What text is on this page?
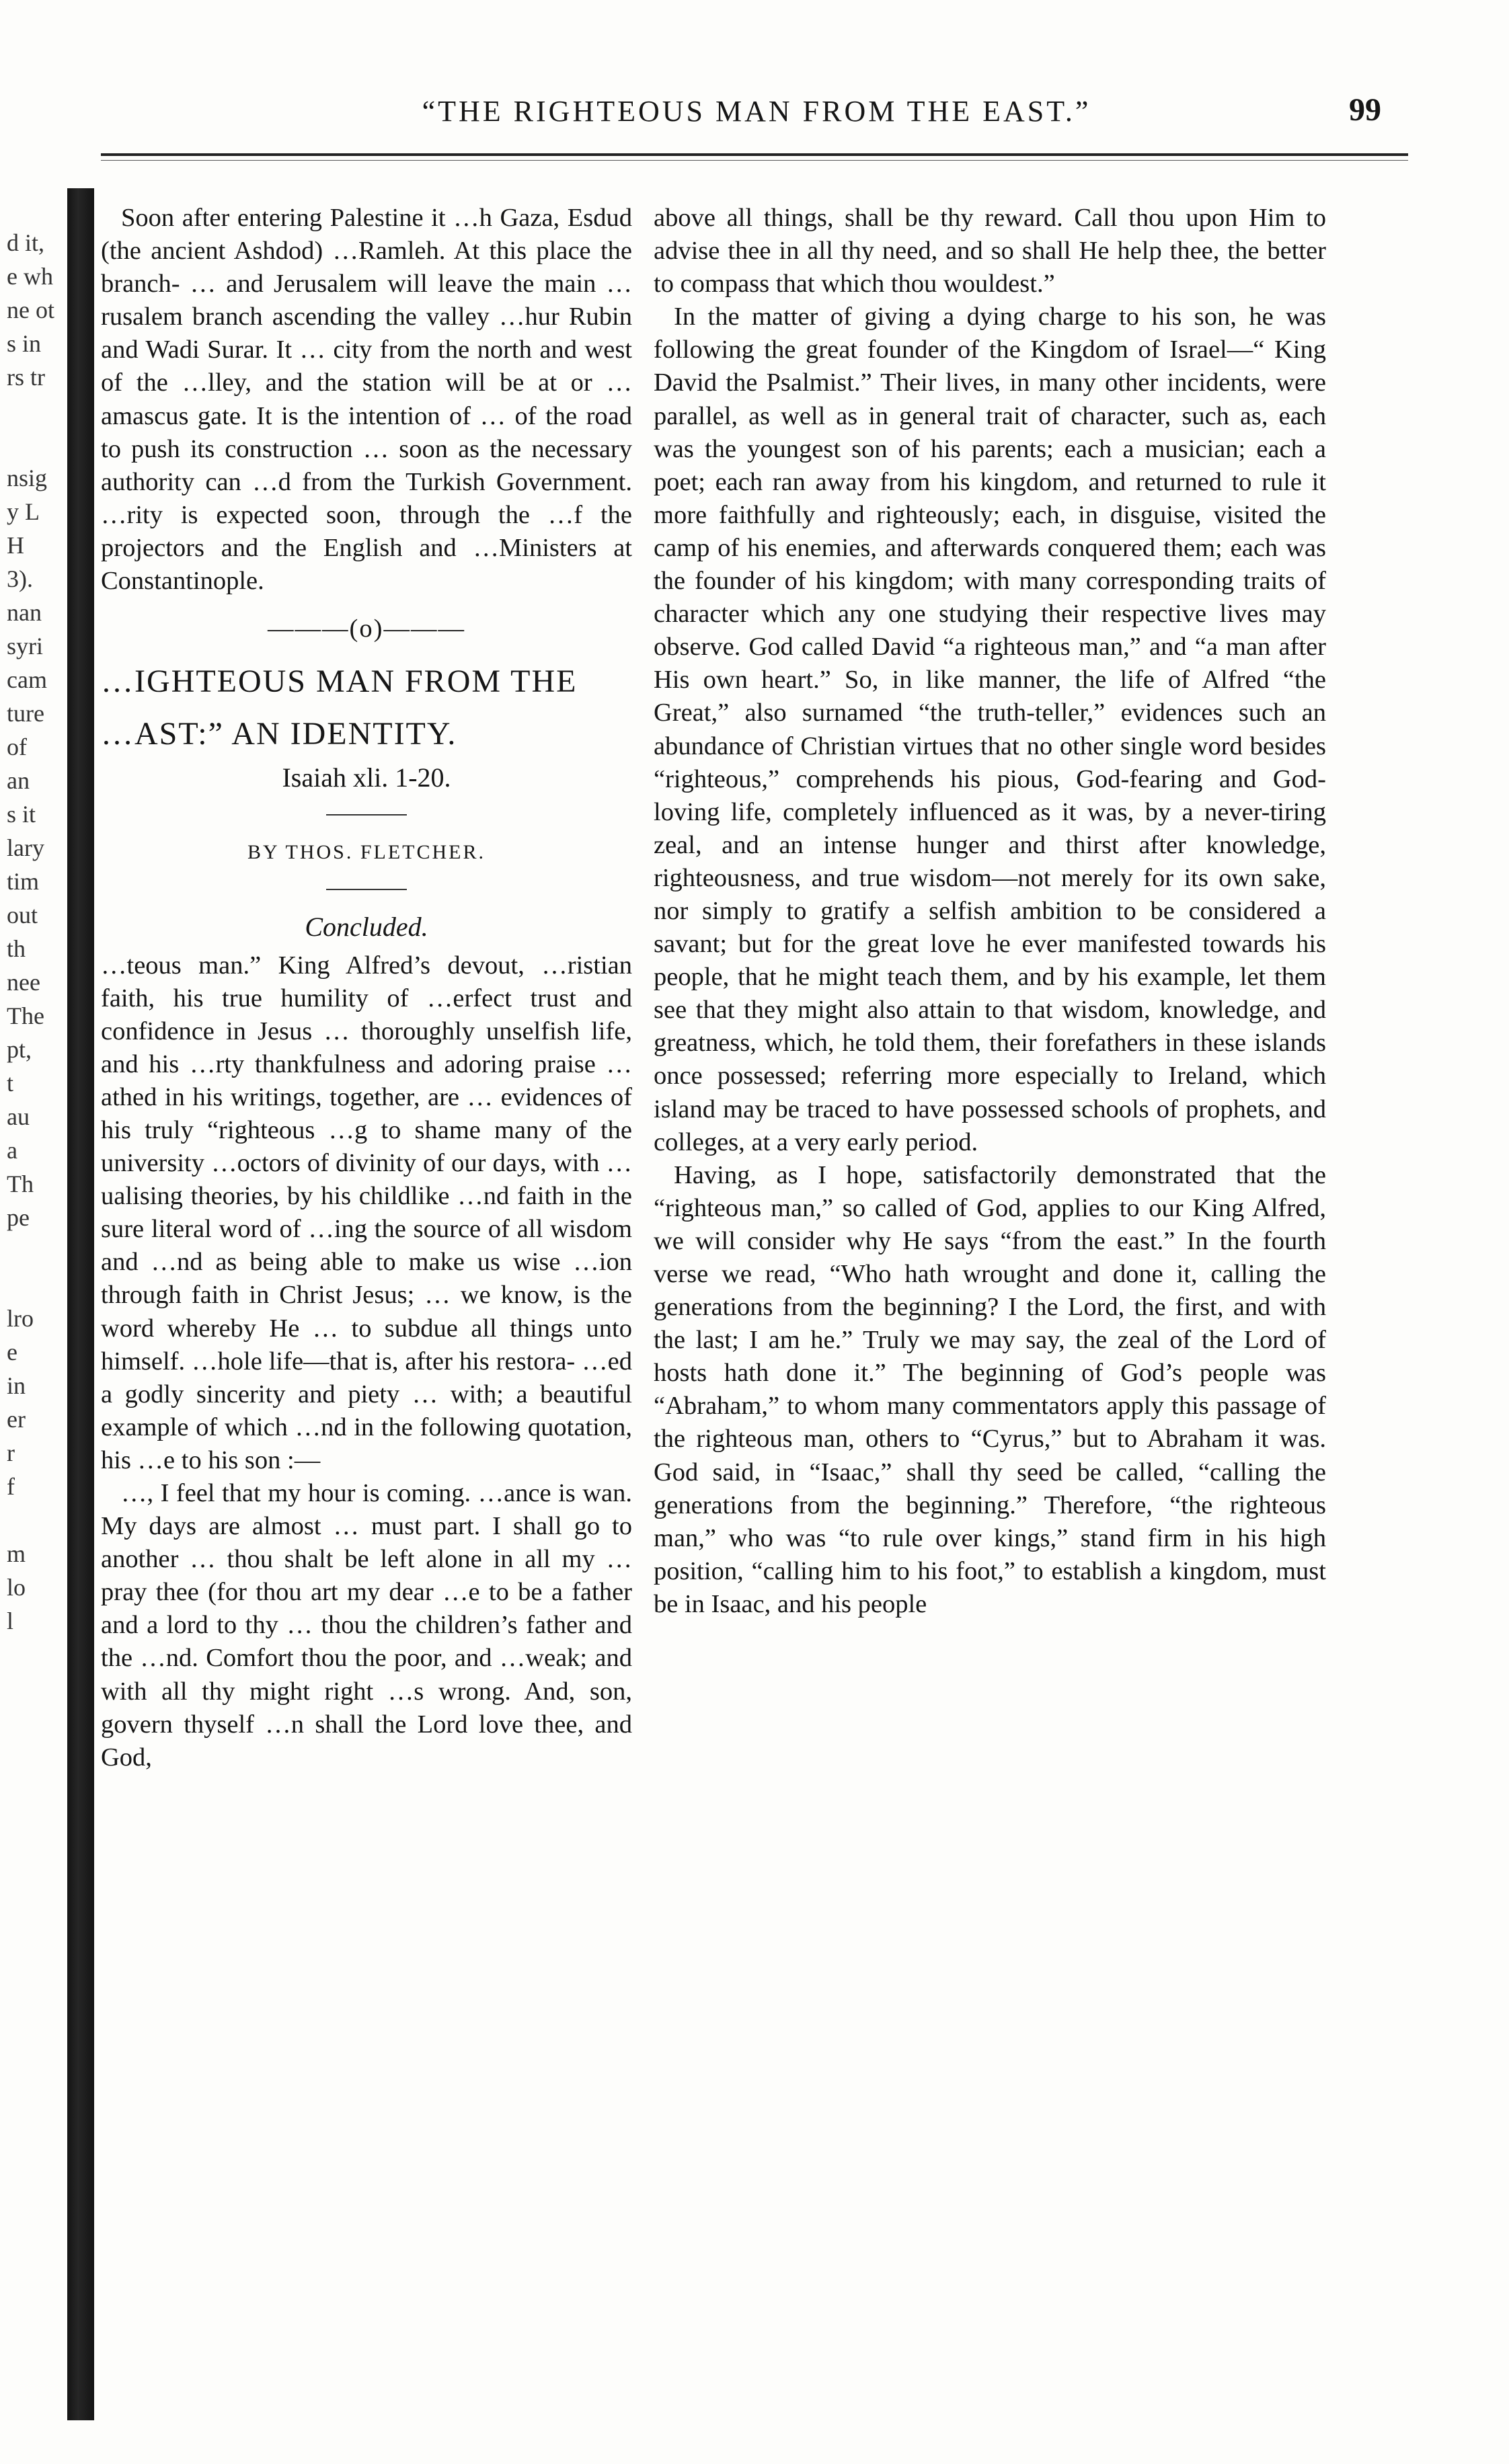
“THE RIGHTEOUS MAN FROM THE EAST.”	99
d it,
e wh
ne ot
s in
rs tr
nsig
y L
H
3).
nan
syri
cam
ture
of
an
s it
lary
tim
out
th
nee
The
pt,
t
au
a
Th
pe
lro
e
in
er
r
f
m
lo
l

Soon after entering Palestine it …h Gaza, Esdud (the ancient Ashdod) …Ramleh. At this place the branch- … and Jerusalem will leave the main …rusalem branch ascending the valley …hur Rubin and Wadi Surar. It … city from the north and west of the …lley, and the station will be at or …amascus gate. It is the intention of … of the road to push its construction … soon as the necessary authority can …d from the Turkish Government. …rity is expected soon, through the …f the projectors and the English and …Ministers at Constantinople.

———(o)———
…IGHTEOUS MAN FROM THE
…AST:” AN IDENTITY.
Isaiah xli. 1-20.
BY THOS. FLETCHER.
Concluded.

…teous man.” King Alfred’s devout, …ristian faith, his true humility of …erfect trust and confidence in Jesus … thoroughly unselfish life, and his …rty thankfulness and adoring praise …athed in his writings, together, are … evidences of his truly “righteous …g to shame many of the university …octors of divinity of our days, with …ualising theories, by his childlike …nd faith in the sure literal word of …ing the source of all wisdom and …nd as being able to make us wise …ion through faith in Christ Jesus; … we know, is the word whereby He … to subdue all things unto himself. …hole life—that is, after his restora- …ed a godly sincerity and piety … with; a beautiful example of which …nd in the following quotation, his …e to his son :—

…, I feel that my hour is coming. …ance is wan. My days are almost … must part. I shall go to another … thou shalt be left alone in all my … pray thee (for thou art my dear …e to be a father and a lord to thy … thou the children’s father and the …nd. Comfort thou the poor, and …weak; and with all thy might right …s wrong. And, son, govern thyself …n shall the Lord love thee, and God,

above all things, shall be thy reward. Call thou upon Him to advise thee in all thy need, and so shall He help thee, the better to compass that which thou wouldest.”

In the matter of giving a dying charge to his son, he was following the great founder of the Kingdom of Israel—“ King David the Psalmist.” Their lives, in many other incidents, were parallel, as well as in general trait of character, such as, each was the youngest son of his parents; each a musician; each a poet; each ran away from his kingdom, and returned to rule it more faithfully and righteously; each, in disguise, visited the camp of his enemies, and afterwards conquered them; each was the founder of his kingdom; with many corresponding traits of character which any one studying their respective lives may observe. God called David “a righteous man,” and “a man after His own heart.” So, in like manner, the life of Alfred “the Great,” also surnamed “the truth-teller,” evidences such an abundance of Christian virtues that no other single word besides “righteous,” comprehends his pious, God-fearing and God-loving life, completely influenced as it was, by a never-tiring zeal, and an intense hunger and thirst after knowledge, righteousness, and true wisdom—not merely for its own sake, nor simply to gratify a selfish ambition to be considered a savant; but for the great love he ever manifested towards his people, that he might teach them, and by his example, let them see that they might also attain to that wisdom, knowledge, and greatness, which, he told them, their forefathers in these islands once possessed; referring more especially to Ireland, which island may be traced to have possessed schools of prophets, and colleges, at a very early period.

Having, as I hope, satisfactorily demonstrated that the “righteous man,” so called of God, applies to our King Alfred, we will consider why He says “from the east.” In the fourth verse we read, “Who hath wrought and done it, calling the generations from the beginning? I the Lord, the first, and with the last; I am he.” Truly we may say, the zeal of the Lord of hosts hath done it.” The beginning of God’s people was “Abraham,” to whom many commentators apply this passage of the righteous man, others to “Cyrus,” but to Abraham it was. God said, in “Isaac,” shall thy seed be called, “calling the generations from the beginning.” Therefore, “the righteous man,” who was “to rule over kings,” stand firm in his high position, “calling him to his foot,” to establish a kingdom, must be in Isaac, and his people
